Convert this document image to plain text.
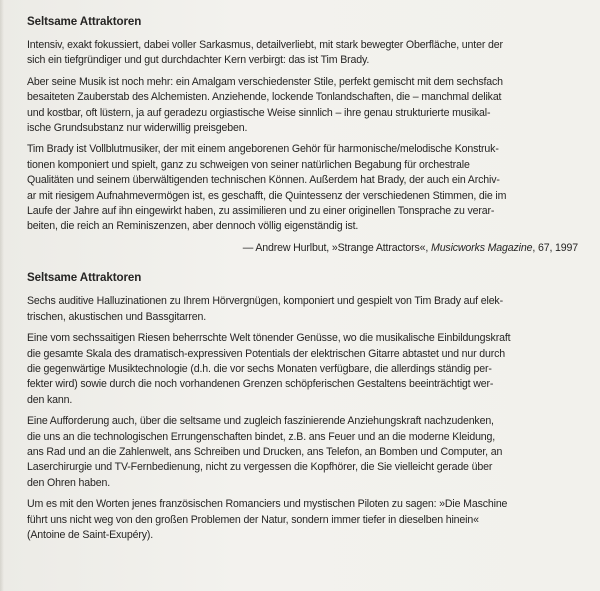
Seltsame Attraktoren

Intensiv, exakt fokussiert, dabei voller Sarkasmus, detailverliebt, mit stark bewegter Oberfläche, unter der
sich ein tiefgründiger und gut durchdachter Kern verbirgt: das ist Tim Brady.

Aber seine Musik ist noch mehr: ein Amalgam verschiedenster Stile, perfekt gemischt mit dem sechsfach
besaiteten Zauberstab des Alchemisten. Anziehende, lockende Tonlandschaften, die – manchmal delikat
und kostbar, oft lüstern, ja auf geradezu orgiastische Weise sinnlich – ihre genau strukturierte musikal-
ische Grundsubstanz nur widerwillig preisgeben.

Tim Brady ist Vollblutmusiker, der mit einem angeborenen Gehör für harmonische/melodische Konstruk-
tionen komponiert und spielt, ganz zu schweigen von seiner natürlichen Begabung für orchestrale
Qualitäten und seinem überwältigenden technischen Können. Außerdem hat Brady, der auch ein Archiv-
ar mit riesigem Aufnahmevermögen ist, es geschafft, die Quintessenz der verschiedenen Stimmen, die im
Laufe der Jahre auf ihn eingewirkt haben, zu assimilieren und zu einer originellen Tonsprache zu verar-
beiten, die reich an Reminiszenzen, aber dennoch völlig eigenständig ist.

— Andrew Hurlbut, »Strange Attractors«, Musicworks Magazine, 67, 1997

Seltsame Attraktoren

Sechs auditive Halluzinationen zu Ihrem Hörvergnügen, komponiert und gespielt von Tim Brady auf elek-
trischen, akustischen und Bassgitarren.

Eine vom sechssaitigen Riesen beherrschte Welt tönender Genüsse, wo die musikalische Einbildungskraft
die gesamte Skala des dramatisch-expressiven Potentials der elektrischen Gitarre abtastet und nur durch
die gegenwärtige Musiktechnologie (d.h. die vor sechs Monaten verfügbare, die allerdings ständig per-
fekter wird) sowie durch die noch vorhandenen Grenzen schöpferischen Gestaltens beeinträchtigt wer-
den kann.

Eine Aufforderung auch, über die seltsame und zugleich faszinierende Anziehungskraft nachzudenken,
die uns an die technologischen Errungenschaften bindet, z.B. ans Feuer und an die moderne Kleidung,
ans Rad und an die Zahlenwelt, ans Schreiben und Drucken, ans Telefon, an Bomben und Computer, an
Laserchirurgie und TV-Fernbedienung, nicht zu vergessen die Kopfhörer, die Sie vielleicht gerade über
den Ohren haben.

Um es mit den Worten jenes französischen Romanciers und mystischen Piloten zu sagen: »Die Maschine
führt uns nicht weg von den großen Problemen der Natur, sondern immer tiefer in dieselben hinein«
(Antoine de Saint-Exupéry).
